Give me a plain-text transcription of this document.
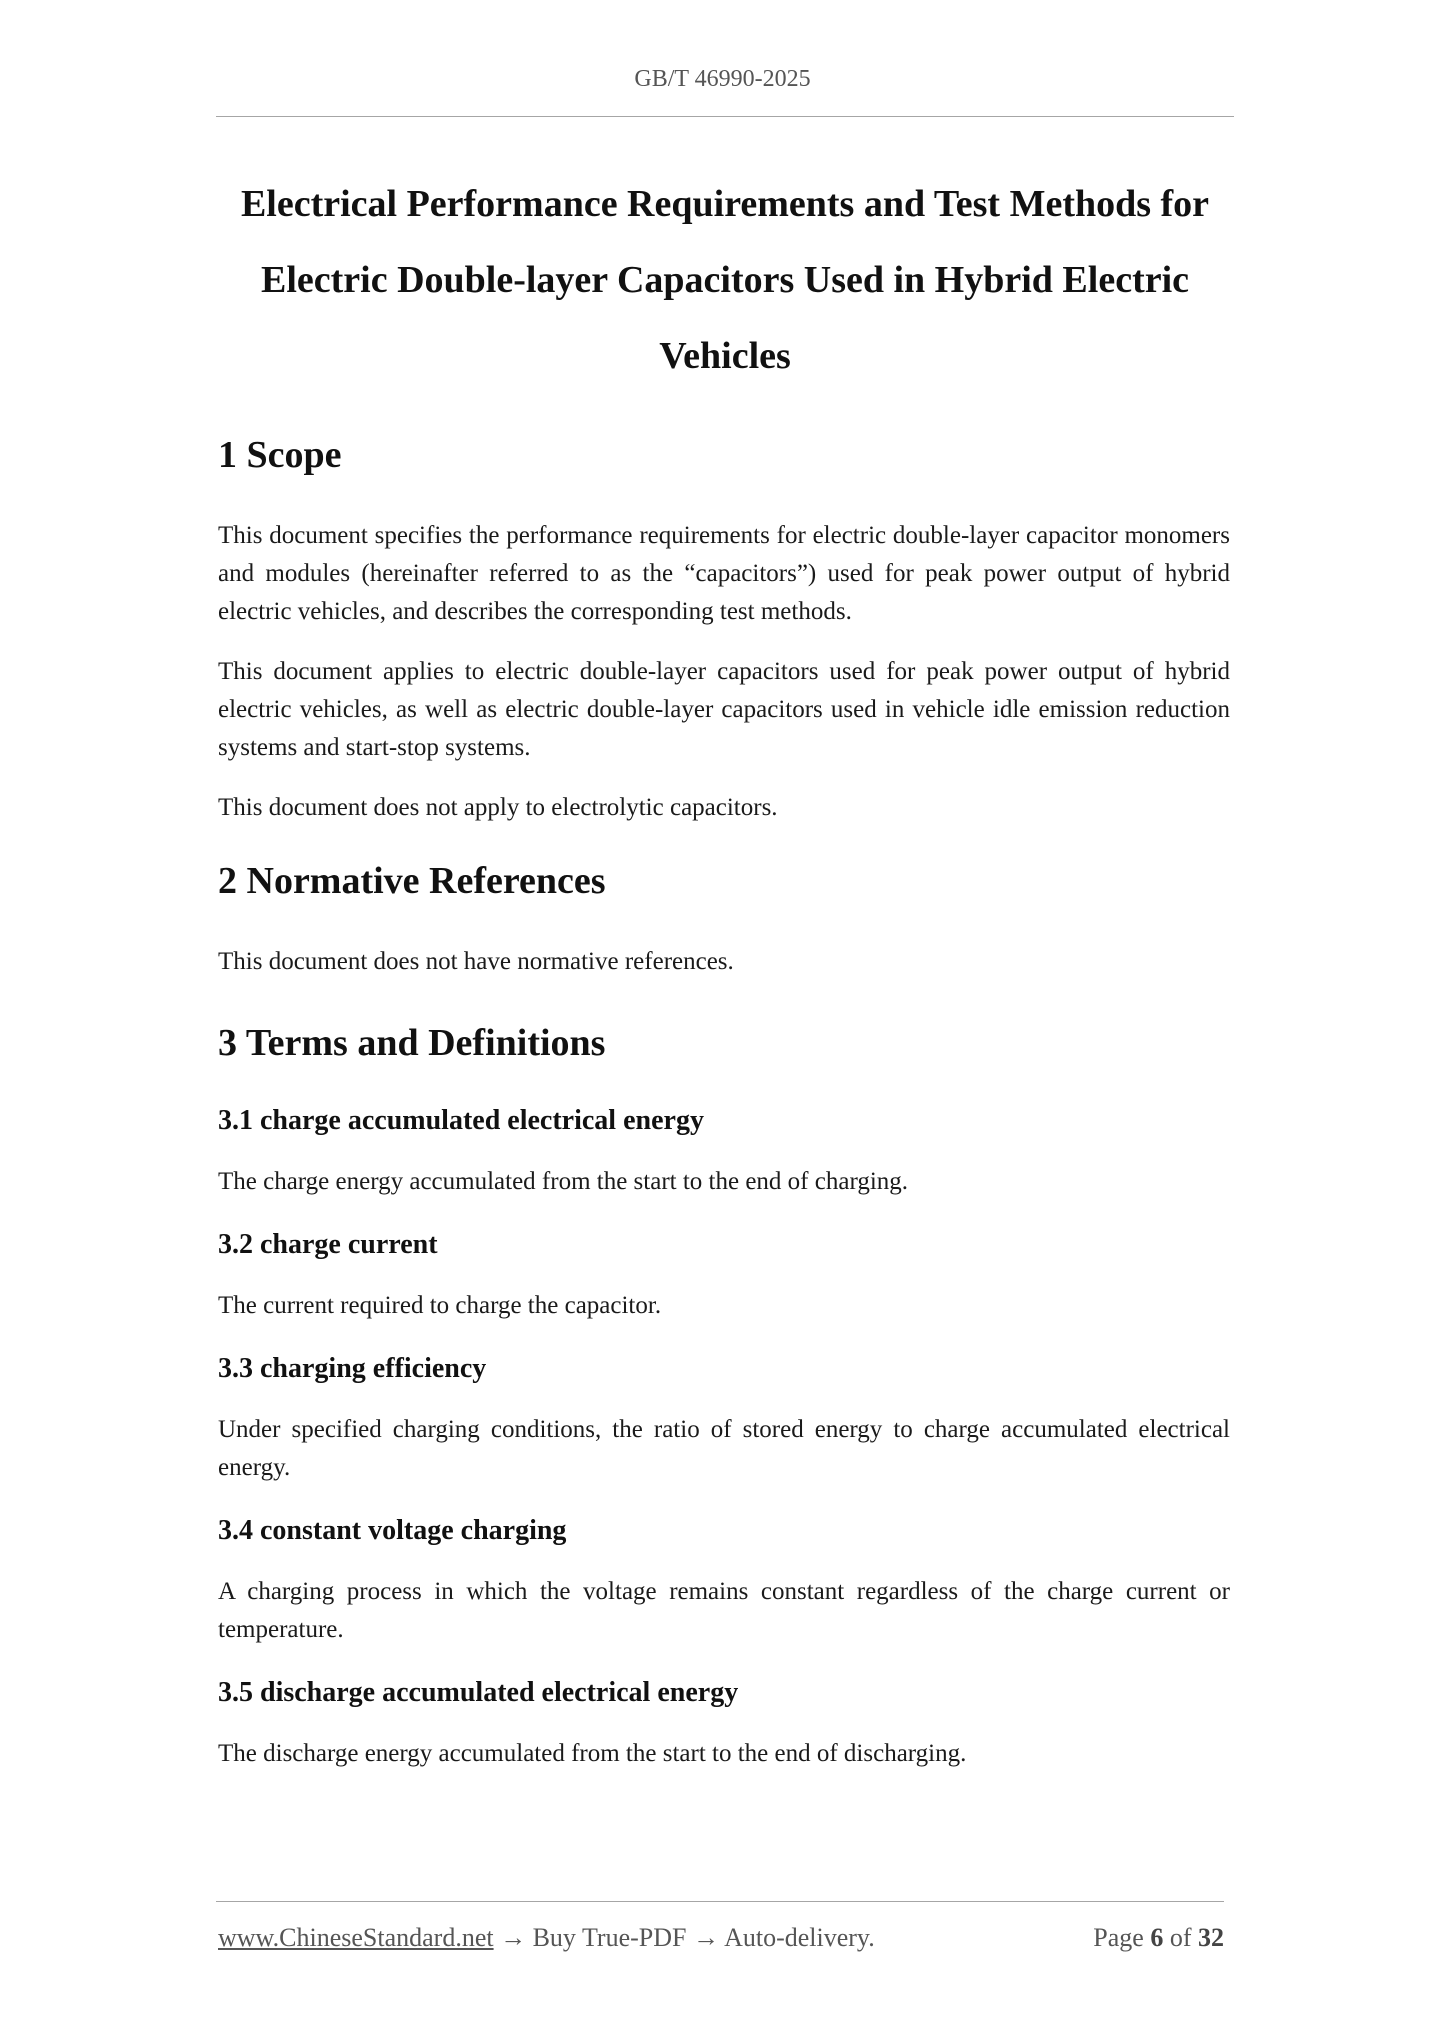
GB/T 46990-2025
Electrical Performance Requirements and Test Methods for Electric Double-layer Capacitors Used in Hybrid Electric Vehicles
1 Scope

This document specifies the performance requirements for electric double-layer capacitor monomers and modules (hereinafter referred to as the “capacitors”) used for peak power output of hybrid electric vehicles, and describes the corresponding test methods.

This document applies to electric double-layer capacitors used for peak power output of hybrid electric vehicles, as well as electric double-layer capacitors used in vehicle idle emission reduction systems and start-stop systems.

This document does not apply to electrolytic capacitors.

2 Normative References

This document does not have normative references.

3 Terms and Definitions
3.1 charge accumulated electrical energy

The charge energy accumulated from the start to the end of charging.

3.2 charge current

The current required to charge the capacitor.

3.3 charging efficiency

Under specified charging conditions, the ratio of stored energy to charge accumulated electrical energy.

3.4 constant voltage charging

A charging process in which the voltage remains constant regardless of the charge current or temperature.

3.5 discharge accumulated electrical energy

The discharge energy accumulated from the start to the end of discharging.

www.ChineseStandard.net → Buy True-PDF → Auto-delivery.	Page 6 of 32
